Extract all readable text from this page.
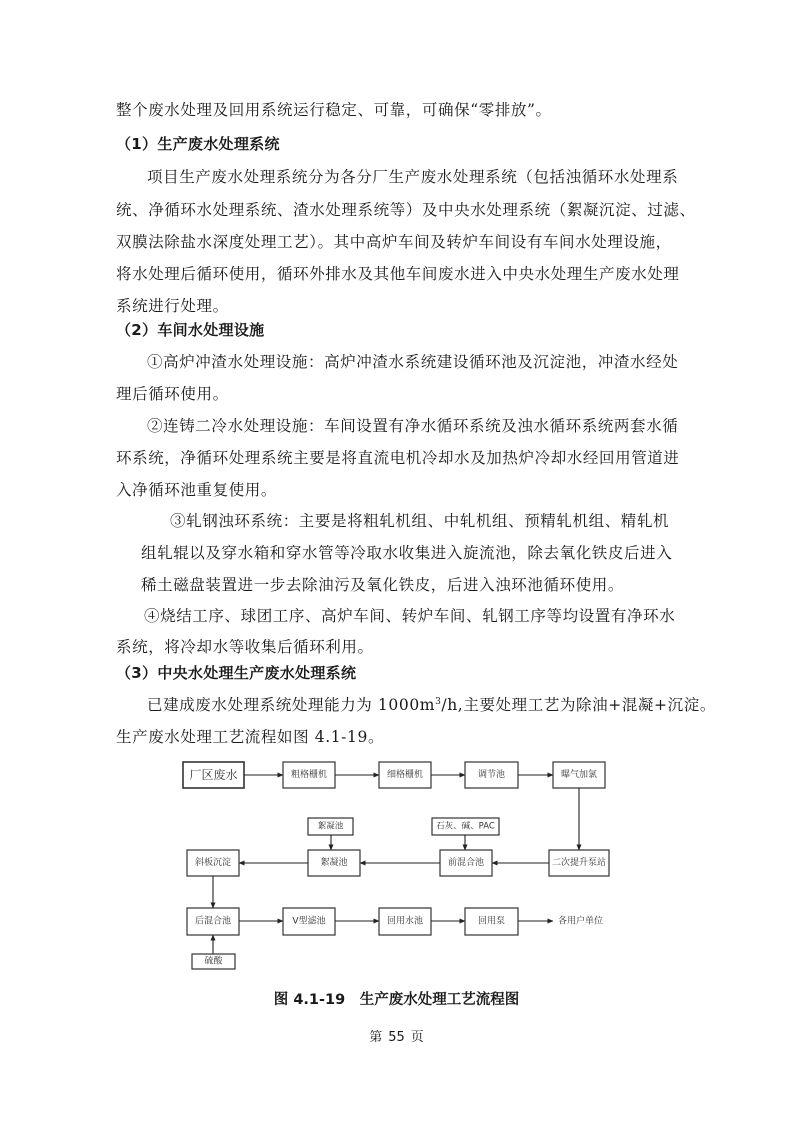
整个废水处理及回用系统运行稳定、可靠，可确保“零排放”。
（1）生产废水处理系统
项目生产废水处理系统分为各分厂生产废水处理系统（包括浊循环水处理系
统、净循环水处理系统、渣水处理系统等）及中央水处理系统（絮凝沉淀、过滤、
双膜法除盐水深度处理工艺）。其中高炉车间及转炉车间设有车间水处理设施，
将水处理后循环使用，循环外排水及其他车间废水进入中央水处理生产废水处理
系统进行处理。
（2）车间水处理设施
①高炉冲渣水处理设施：高炉冲渣水系统建设循环池及沉淀池，冲渣水经处
理后循环使用。
②连铸二冷水处理设施：车间设置有净水循环系统及浊水循环系统两套水循
环系统，净循环处理系统主要是将直流电机冷却水及加热炉冷却水经回用管道进
入净循环池重复使用。
③轧钢浊环系统：主要是将粗轧机组、中轧机组、预精轧机组、精轧机
组轧辊以及穿水箱和穿水管等冷取水收集进入旋流池，除去氧化铁皮后进入
稀土磁盘装置进一步去除油污及氧化铁皮，后进入浊环池循环使用。
④烧结工序、球团工序、高炉车间、转炉车间、轧钢工序等均设置有净环水
系统，将冷却水等收集后循环利用。
（3）中央水处理生产废水处理系统
已建成废水处理系统处理能力为 $1000m^3/h$,主要处理工艺为除油+混凝+沉淀。
生产废水处理工艺流程如图 4.1-19。
厂区废水	粗格栅机	细格栅机	调节池	曝气加氯
絮凝池	石灰、碱、PAC
斜板沉淀	絮凝池	前混合池	二次提升泵站
后混合池	V型滤池	回用水池	回用泵
硫酸
各用户单位
图 4.1-19　生产废水处理工艺流程图
第 55 页
